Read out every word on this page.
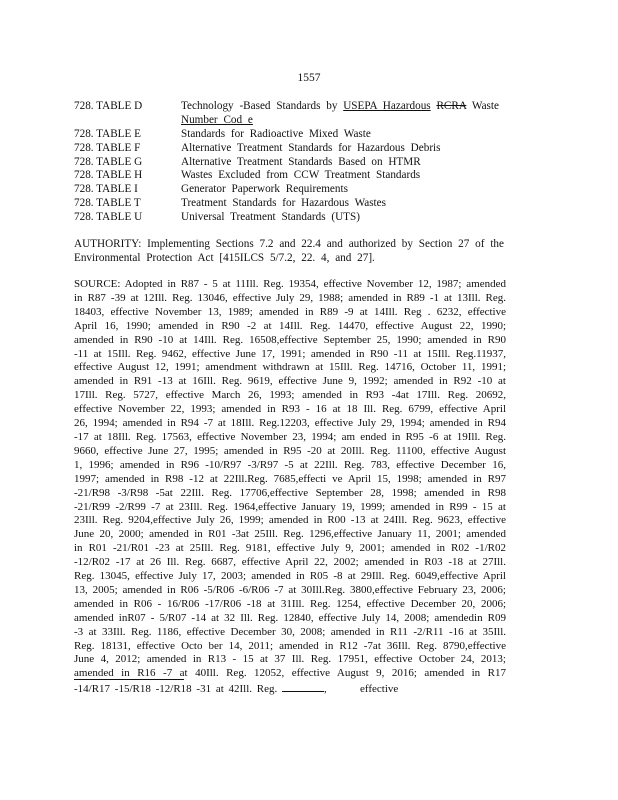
1557
728. TABLE D	Technology -Based Standards by USEPA Hazardous RCRA Waste
Number Cod e
728. TABLE E	Standards for Radioactive Mixed Waste
728. TABLE F	Alternative Treatment Standards for Hazardous Debris
728. TABLE G	Alternative Treatment Standards Based on HTMR
728. TABLE H	Wastes Excluded from CCW Treatment Standards
728. TABLE I	Generator Paperwork Requirements
728. TABLE T	Treatment Standards for Hazardous Wastes
728. TABLE U	Universal Treatment Standards (UTS)
AUTHORITY: Implementing Sections 7.2 and 22.4 and authorized by Section 27 of the Environmental Protection Act [415ILCS 5/7.2, 22. 4, and 27].
SOURCE: Adopted in R87 - 5 at 11Ill. Reg. 19354, effective November 12, 1987; amended in R87 -39 at 12Ill. Reg. 13046, effective July 29, 1988; amended in R89 -1 at 13Ill. Reg. 18403, effective November 13, 1989; amended in R89 -9 at 14Ill. Reg . 6232, effective April 16, 1990; amended in R90 -2 at 14Ill. Reg. 14470, effective August 22, 1990; amended in R90 -10 at 14Ill. Reg. 16508,effective September 25, 1990; amended in R90 -11 at 15Ill. Reg. 9462, effective June 17, 1991; amended in R90 -11 at 15Ill. Reg.11937, effective August 12, 1991; amendment withdrawn at 15Ill. Reg. 14716, October 11, 1991; amended in R91 -13 at 16Ill. Reg. 9619, effective June 9, 1992; amended in R92 -10 at 17Ill. Reg. 5727, effective March 26, 1993; amended in R93 -4at 17Ill. Reg. 20692, effective November 22, 1993; amended in R93 - 16 at 18 Ill. Reg. 6799, effective April 26, 1994; amended in R94 -7 at 18Ill. Reg.12203, effective July 29, 1994; amended in R94 -17 at 18Ill. Reg. 17563, effective November 23, 1994; am ended in R95 -6 at 19Ill. Reg. 9660, effective June 27, 1995; amended in R95 -20 at 20Ill. Reg. 11100, effective August 1, 1996; amended in R96 -10/R97 -3/R97 -5 at 22Ill. Reg. 783, effective December 16, 1997; amended in R98 -12 at 22Ill.Reg. 7685,effecti ve April 15, 1998; amended in R97 -21/R98 -3/R98 -5at 22Ill. Reg. 17706,effective September 28, 1998; amended in R98 -21/R99 -2/R99 -7 at 23Ill. Reg. 1964,effective January 19, 1999; amended in R99 - 15 at 23Ill. Reg. 9204,effective July 26, 1999; amended in R00 -13 at 24Ill. Reg. 9623, effective June 20, 2000; amended in R01 -3at 25Ill. Reg. 1296,effective January 11, 2001; amended in R01 -21/R01 -23 at 25Ill. Reg. 9181, effective July 9, 2001; amended in R02 -1/R02 -12/R02 -17 at 26 Ill. Reg. 6687, effective April 22, 2002; amended in R03 -18 at 27Ill. Reg. 13045, effective July 17, 2003; amended in R05 -8 at 29Ill. Reg. 6049,effective April 13, 2005; amended in R06 -5/R06 -6/R06 -7 at 30Ill.Reg. 3800,effective February 23, 2006; amended in R06 - 16/R06 -17/R06 -18 at 31Ill. Reg. 1254, effective December 20, 2006; amended inR07 - 5/R07 -14 at 32 Ill. Reg. 12840, effective July 14, 2008; amendedin R09 -3 at 33Ill. Reg. 1186, effective December 30, 2008; amended in R11 -2/R11 -16 at 35Ill. Reg. 18131, effective Octo ber 14, 2011; amended in R12 -7at 36Ill. Reg. 8790,effective June 4, 2012; amended in R13 - 15 at 37 Ill. Reg. 17951, effective October 24, 2013; amended in R16 -7 at 40Ill. Reg. 12052, effective August 9, 2016; amended in R17 -14/R17 -15/R18 -12/R18 -31 at 42Ill. Reg.	,	effective
